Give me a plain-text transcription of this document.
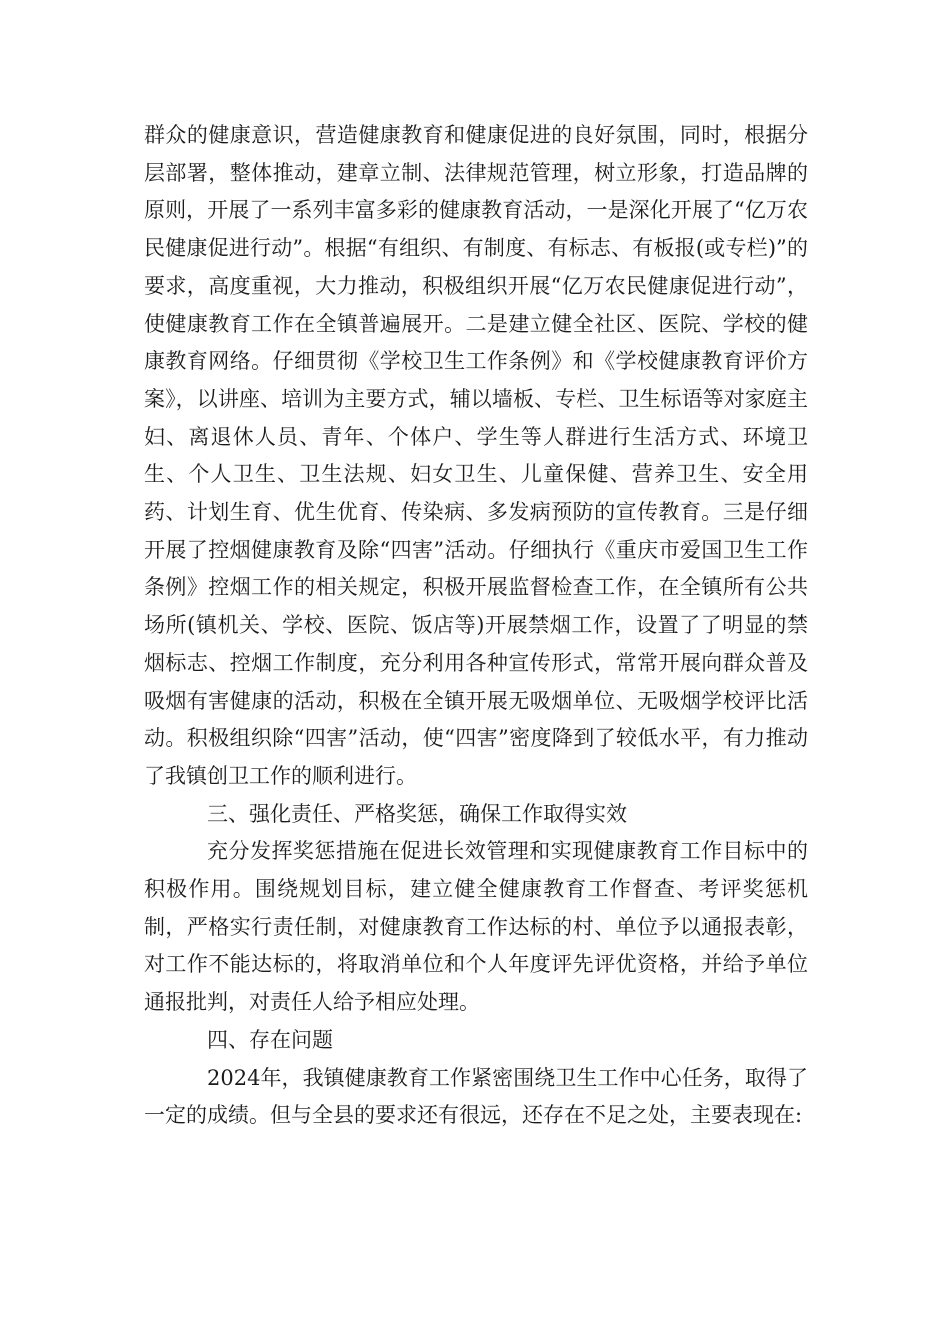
群众的健康意识，营造健康教育和健康促进的良好氛围，同时，根据分层部署，整体推动，建章立制、法律规范管理，树立形象，打造品牌的原则，开展了一系列丰富多彩的健康教育活动，一是深化开展了“亿万农民健康促进行动”。根据“有组织、有制度、有标志、有板报(或专栏)”的要求，高度重视，大力推动，积极组织开展“亿万农民健康促进行动”，使健康教育工作在全镇普遍展开。二是建立健全社区、医院、学校的健康教育网络。仔细贯彻《学校卫生工作条例》和《学校健康教育评价方案》，以讲座、培训为主要方式，辅以墙板、专栏、卫生标语等对家庭主妇、离退休人员、青年、个体户、学生等人群进行生活方式、环境卫生、个人卫生、卫生法规、妇女卫生、儿童保健、营养卫生、安全用药、计划生育、优生优育、传染病、多发病预防的宣传教育。三是仔细开展了控烟健康教育及除“四害”活动。仔细执行《重庆市爱国卫生工作条例》控烟工作的相关规定，积极开展监督检查工作，在全镇所有公共场所(镇机关、学校、医院、饭店等)开展禁烟工作，设置了了明显的禁烟标志、控烟工作制度，充分利用各种宣传形式，常常开展向群众普及吸烟有害健康的活动，积极在全镇开展无吸烟单位、无吸烟学校评比活动。积极组织除“四害”活动，使“四害”密度降到了较低水平，有力推动了我镇创卫工作的顺利进行。

三、强化责任、严格奖惩，确保工作取得实效

充分发挥奖惩措施在促进长效管理和实现健康教育工作目标中的积极作用。围绕规划目标，建立健全健康教育工作督查、考评奖惩机制，严格实行责任制，对健康教育工作达标的村、单位予以通报表彰，对工作不能达标的，将取消单位和个人年度评先评优资格，并给予单位通报批判，对责任人给予相应处理。

四、存在问题

2024年，我镇健康教育工作紧密围绕卫生工作中心任务，取得了一定的成绩。但与全县的要求还有很远，还存在不足之处，主要表现在:
